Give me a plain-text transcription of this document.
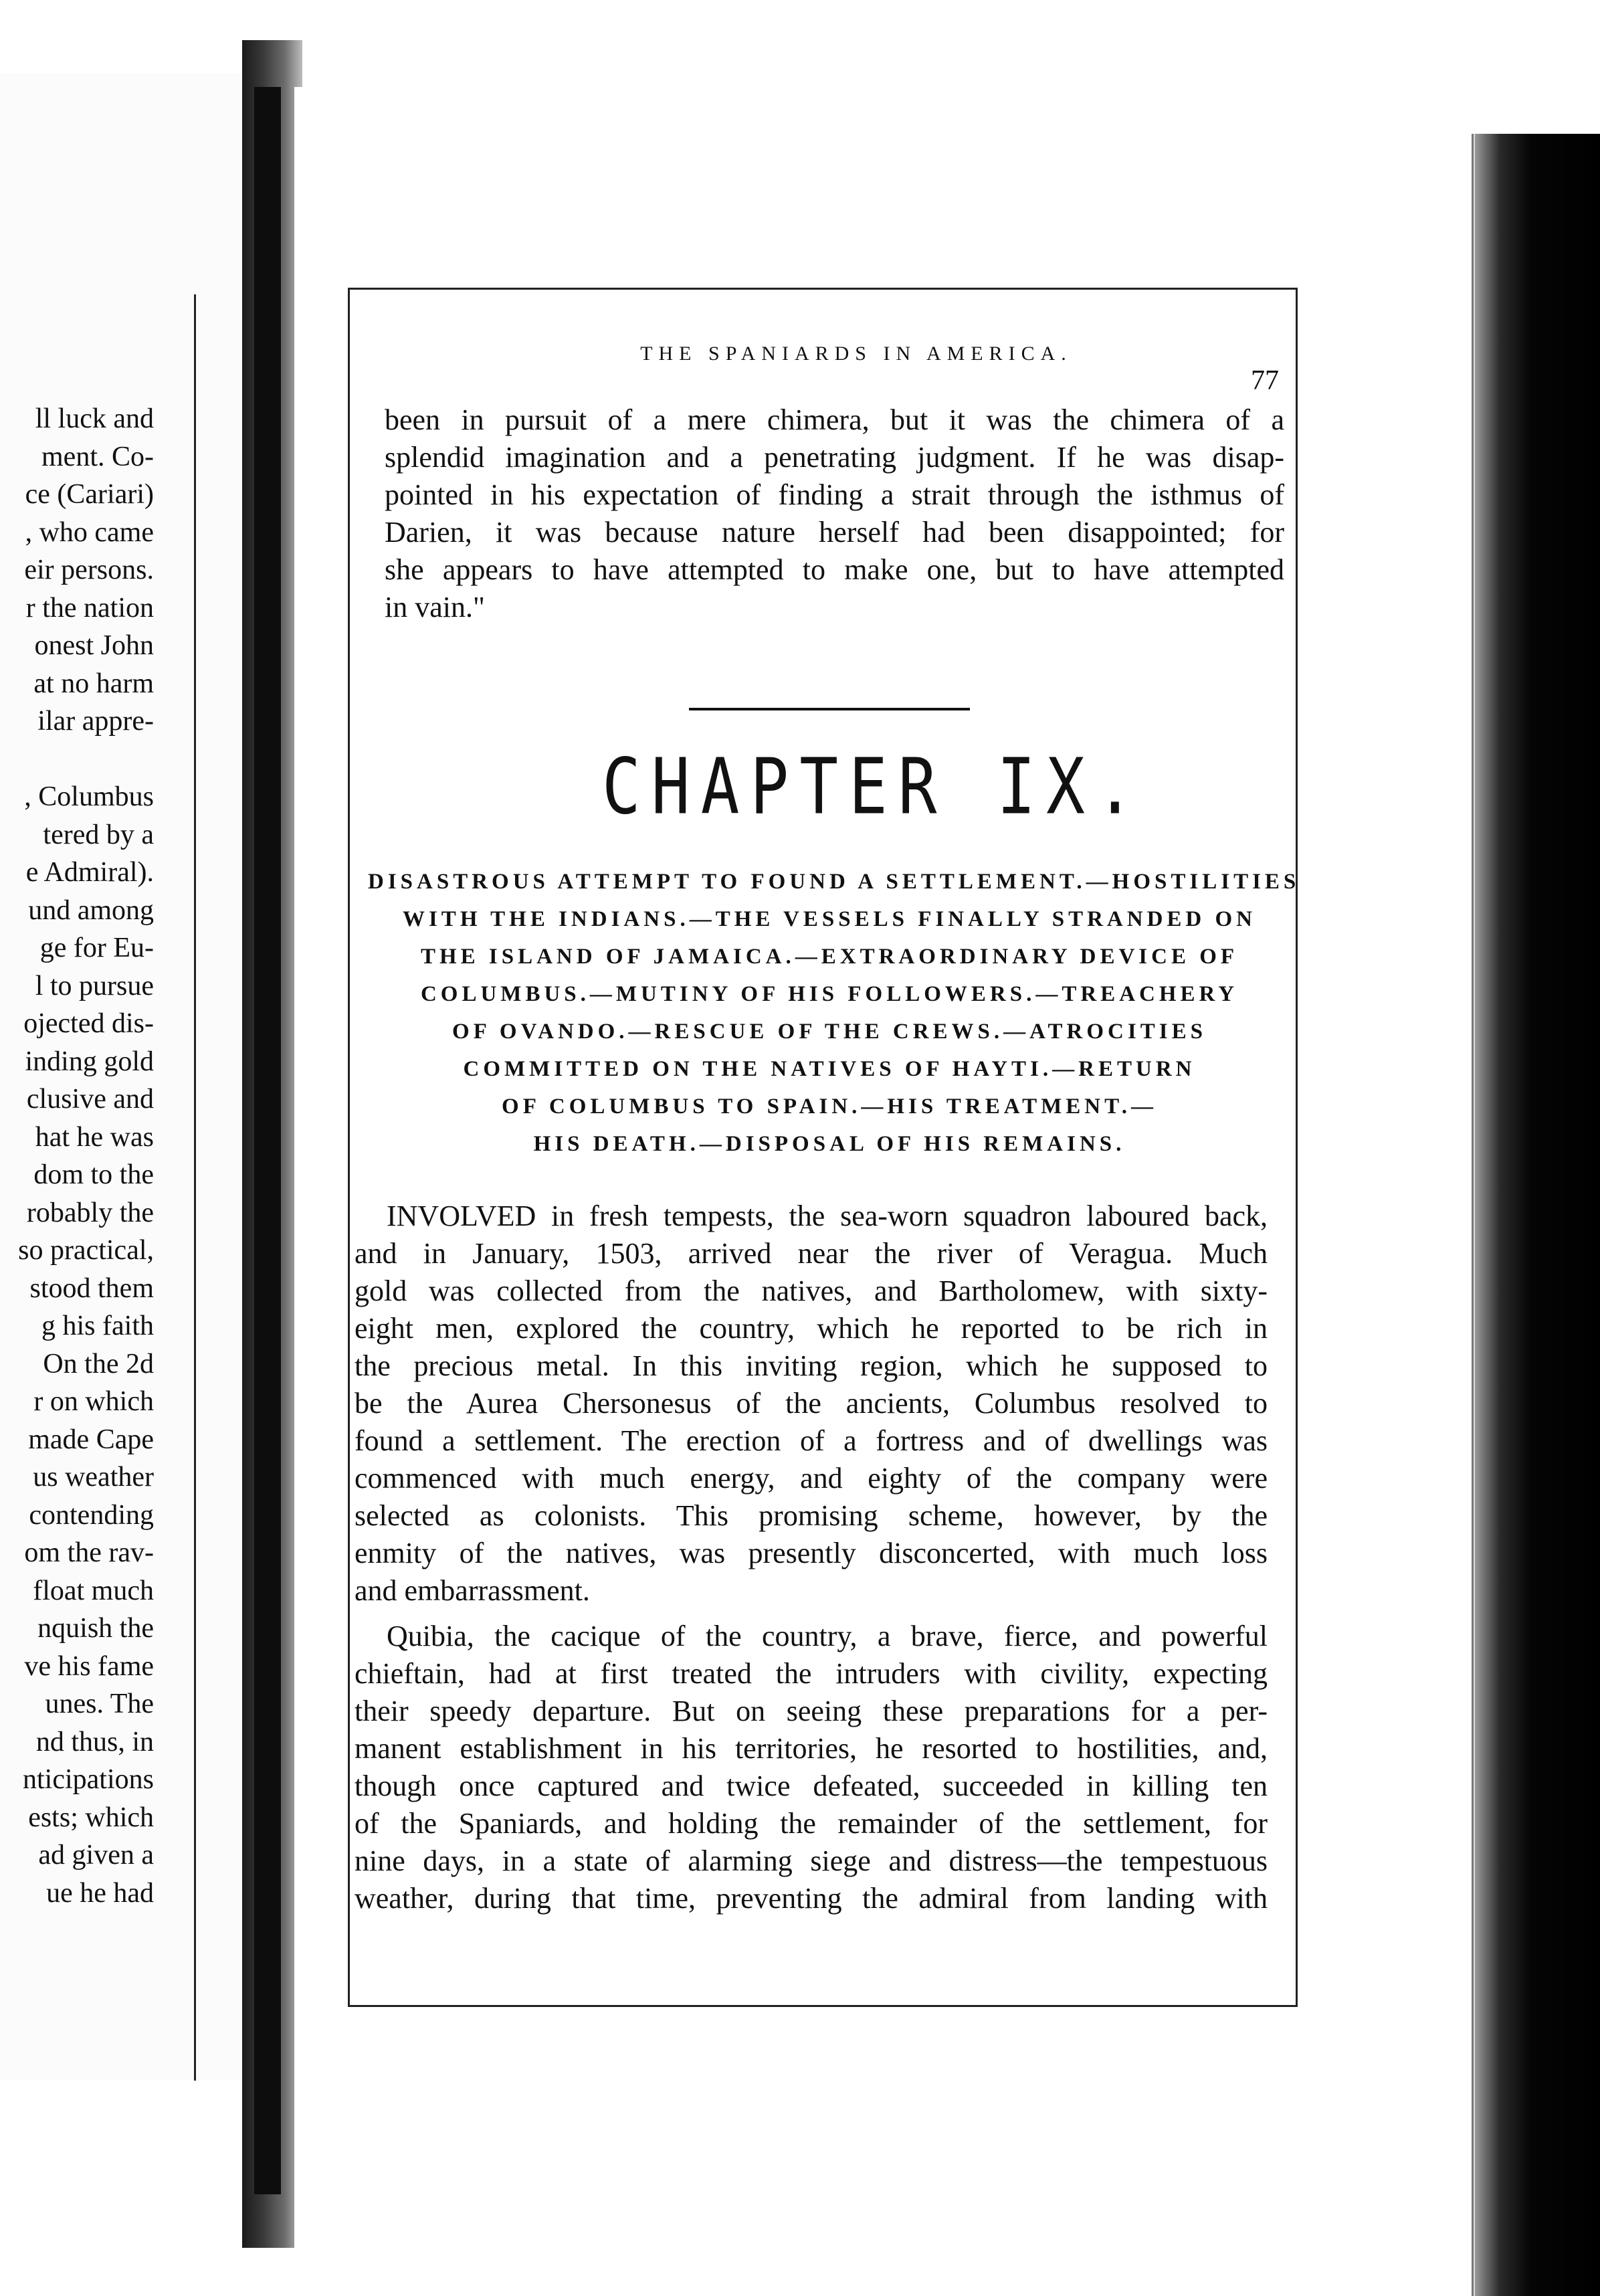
ll luck and
ment. Co-
ce (Cariari)
, who came
eir persons.
r the nation
onest John
at no harm
ilar appre-
, Columbus
tered by a
e Admiral).
und among
ge for Eu-
l to pursue
ojected dis-
inding gold
clusive and
hat he was
dom to the
robably the
so practical,
stood them
g his faith
On the 2d
r on which
made Cape
us weather
contending
om the rav-
float much
nquish the
ve his fame
unes. The
nd thus, in
nticipations
ests; which
ad given a
ue he had
THE SPANIARDS IN AMERICA.
77
been in pursuit of a mere chimera, but it was the chimera of a
splendid imagination and a penetrating judgment. If he was disap-
pointed in his expectation of finding a strait through the isthmus of
Darien, it was because nature herself had been disappointed; for
she appears to have attempted to make one, but to have attempted
in vain."
CHAPTER IX.
DISASTROUS ATTEMPT TO FOUND A SETTLEMENT.—HOSTILITIES
WITH THE INDIANS.—THE VESSELS FINALLY STRANDED ON
THE ISLAND OF JAMAICA.—EXTRAORDINARY DEVICE OF
COLUMBUS.—MUTINY OF HIS FOLLOWERS.—TREACHERY
OF OVANDO.—RESCUE OF THE CREWS.—ATROCITIES
COMMITTED ON THE NATIVES OF HAYTI.—RETURN
OF COLUMBUS TO SPAIN.—HIS TREATMENT.—
HIS DEATH.—DISPOSAL OF HIS REMAINS.
INVOLVED in fresh tempests, the sea-worn squadron laboured back,
and in January, 1503, arrived near the river of Veragua. Much
gold was collected from the natives, and Bartholomew, with sixty-
eight men, explored the country, which he reported to be rich in
the precious metal. In this inviting region, which he supposed to
be the Aurea Chersonesus of the ancients, Columbus resolved to
found a settlement. The erection of a fortress and of dwellings was
commenced with much energy, and eighty of the company were
selected as colonists. This promising scheme, however, by the
enmity of the natives, was presently disconcerted, with much loss
and embarrassment.
Quibia, the cacique of the country, a brave, fierce, and powerful
chieftain, had at first treated the intruders with civility, expecting
their speedy departure. But on seeing these preparations for a per-
manent establishment in his territories, he resorted to hostilities, and,
though once captured and twice defeated, succeeded in killing ten
of the Spaniards, and holding the remainder of the settlement, for
nine days, in a state of alarming siege and distress—the tempestuous
weather, during that time, preventing the admiral from landing with
